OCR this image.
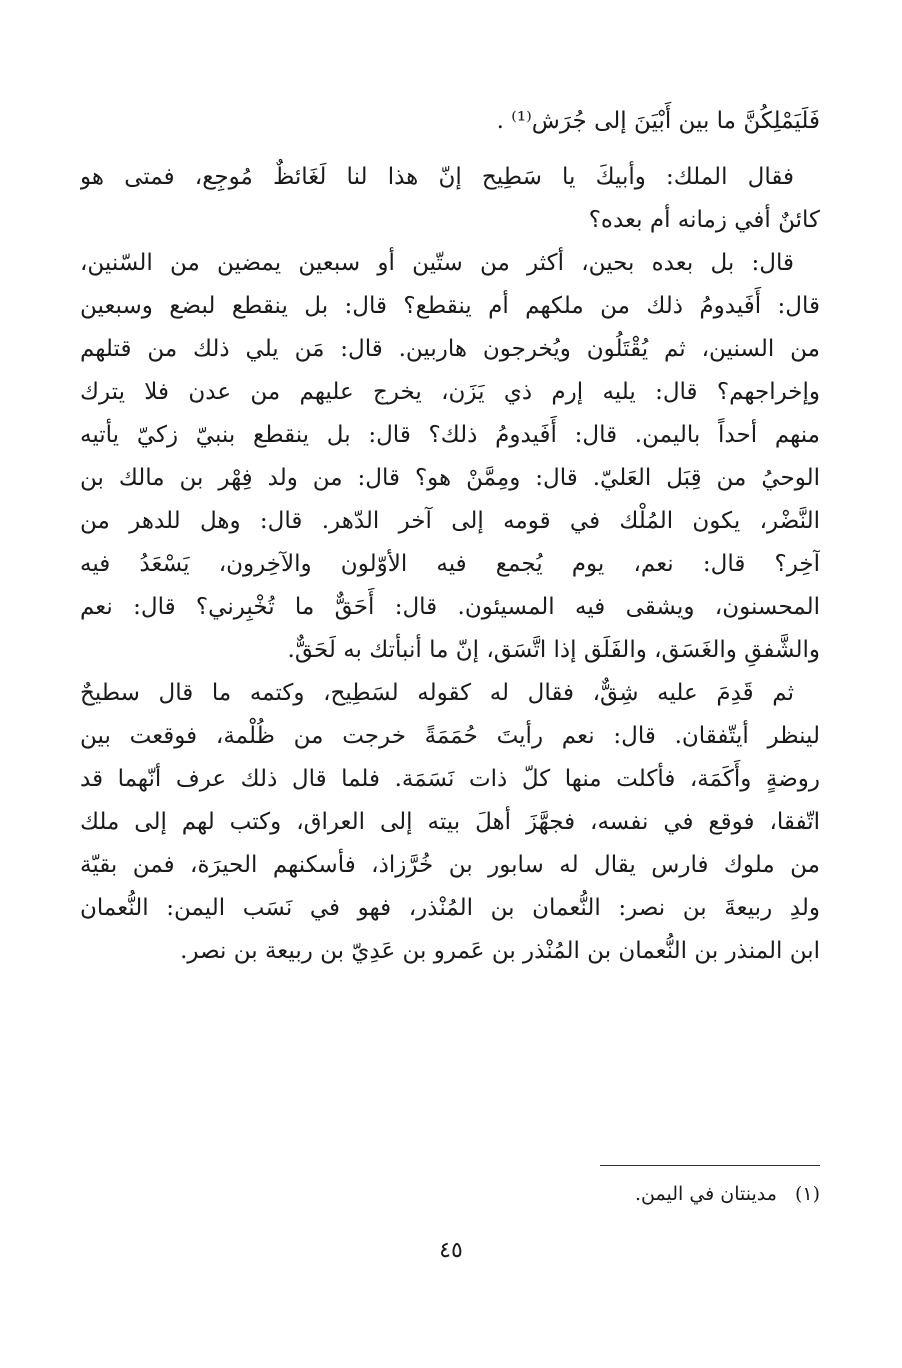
فَلَيَمْلِكُنَّ ما بين أَبْيَنَ إلى جُرَش⁽¹⁾ .
فقال الملك: وأبيكَ يا سَطِيح إنّ هذا لنا لَغَائظٌ مُوجِع، فمتى هو
كائنٌ أفي زمانه أم بعده؟
قال: بل بعده بحين، أكثر من ستّين أو سبعين يمضين من السّنين،
قال: أَفَيدومُ ذلك من ملكهم أم ينقطع؟ قال: بل ينقطع لبضع وسبعين
من السنين، ثم يُقْتَلُون ويُخرجون هاربين. قال: مَن يلي ذلك من قتلهم
وإخراجهم؟ قال: يليه إرم ذي يَزَن، يخرج عليهم من عدن فلا يترك
منهم أحداً باليمن. قال: أَفَيدومُ ذلك؟ قال: بل ينقطع بنبيّ زكيّ يأتيه
الوحيُ من قِبَل العَليّ. قال: ومِمَّنْ هو؟ قال: من ولد فِهْر بن مالك بن
النَّضْر، يكون المُلْك في قومه إلى آخر الدّهر. قال: وهل للدهر من
آخِر؟ قال: نعم، يوم يُجمع فيه الأوّلون والآخِرون، يَسْعَدُ فيه
المحسنون، ويشقى فيه المسيئون. قال: أَحَقٌّ ما تُخْبِرني؟ قال: نعم
والشَّفقِ والغَسَق، والفَلَق إذا اتَّسَق، إنّ ما أنبأتك به لَحَقٌّ.
ثم قَدِمَ عليه شِقٌّ، فقال له كقوله لسَطِيح، وكتمه ما قال سطيحٌ
لينظر أيتّفقان. قال: نعم رأيتَ حُمَمَةً خرجت من ظُلْمة، فوقعت بين
روضةٍ وأَكَمَة، فأكلت منها كلّ ذات نَسَمَة. فلما قال ذلك عرف أنّهما قد
اتّفقا، فوقع في نفسه، فجهَّزَ أهلَ بيته إلى العراق، وكتب لهم إلى ملك
من ملوك فارس يقال له سابور بن خُرَّزاذ، فأسكنهم الحيرَة، فمن بقيّة
ولدِ ربيعةَ بن نصر: النُّعمان بن المُنْذر، فهو في نَسَب اليمن: النُّعمان
ابن المنذر بن النُّعمان بن المُنْذر بن عَمرو بن عَدِيّ بن ربيعة بن نصر.
(١)مدينتان في اليمن.
٤٥
